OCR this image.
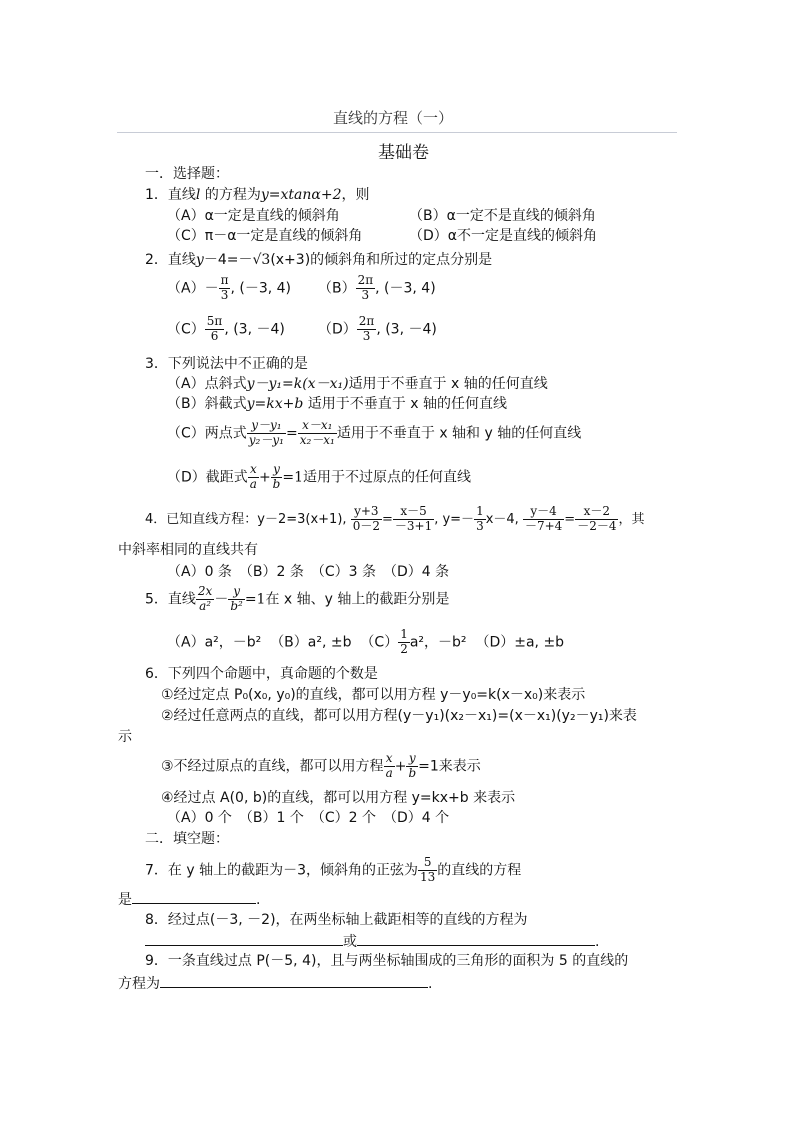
直线的方程（一）
基础卷
一．选择题：
1．直线l 的方程为y=xtanα+2，则
（A）α一定是直线的倾斜角	（B）α一定不是直线的倾斜角
（C）π－α一定是直线的倾斜角	（D）α不一定是直线的倾斜角
2．直线y－4=－√3(x+3)的倾斜角和所过的定点分别是
$(A)- \frac{\pi}{3}$ , (－3, 4) $(B) \frac{2\pi}{3}$ , (－3, 4)
$(C) \frac{5\pi}{6}$ , (3, －4) $(D) \frac{2\pi}{3}$ , (3, －4)
3．下列说法中不正确的是
（A）点斜式y－y₁=k(x－x₁)适用于不垂直于 x 轴的任何直线
（B）斜截式y=kx+b 适用于不垂直于 x 轴的任何直线
（C）两点式 $\frac{\text{y－y₁}}{\text{y₂－y₁}} = \frac{\text{x－x₁}}{\text{x₂－x₁}}$ 适用于不垂直于 x 轴和 y 轴的任何直线
（D）截距式 $\frac{x}{a} + \frac{y}{b} =1$适用于不过原点的任何直线
4．已知直线方程：y－2=3(x+1), $\frac{y+3}{0-2} = \frac{x-5}{-3+1}$ , $y=- \frac{1}{3} x-4$, $\frac{y-4}{-7+4} = \frac{x-2}{-2-4}$ ，其
中斜率相同的直线共有
（A）0 条　（B）2 条　（C）3 条　（D）4 条
5．直线 $\frac{2x}{\text{a²}} - \frac{y}{\text{b²}} =1$在 x 轴、y 轴上的截距分别是
（A）a²，－b² （B）a², ±b $(C) \frac{1}{2} a^2$，－b² （D）±a, ±b
6．下列四个命题中，真命题的个数是
①经过定点 P₀(x₀, y₀)的直线，都可以用方程 y－y₀=k(x－x₀)来表示
②经过任意两点的直线，都可以用方程(y－y₁)(x₂－x₁)=(x－x₁)(y₂－y₁)来表
示
③不经过原点的直线，都可以用方程 $\frac{x}{a} + \frac{y}{b} =1$来表示
④经过点 A(0, b)的直线，都可以用方程 y=kx+b 来表示
（A）0 个　（B）1 个　（C）2 个　（D）4 个
二．填空题：
7．在 y 轴上的截距为－3，倾斜角的正弦为 $\frac{5}{13}$ 的直线的方程
是	.
8．经过点(－3, －2)，在两坐标轴上截距相等的直线的方程为
或	.
9．一条直线过点 P(－5, 4)，且与两坐标轴围成的三角形的面积为 5 的直线的
方程为	.
